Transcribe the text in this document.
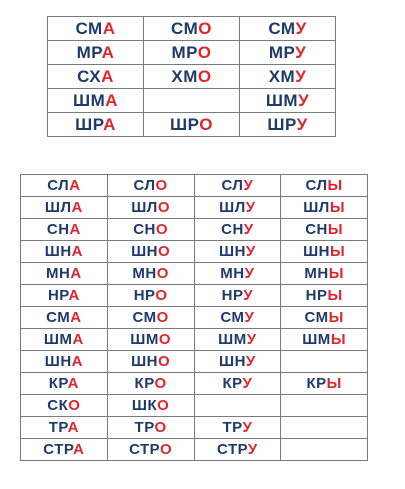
СМА	СМО	СМУ
МРА	МРО	МРУ
СХА	ХМО	ХМУ
ШМА		ШМУ
ШРА	ШРО	ШРУ
СЛА	СЛО	СЛУ	СЛЫ
ШЛА	ШЛО	ШЛУ	ШЛЫ
СНА	СНО	СНУ	СНЫ
ШНА	ШНО	ШНУ	ШНЫ
МНА	МНО	МНУ	МНЫ
НРА	НРО	НРУ	НРЫ
СМА	СМО	СМУ	СМЫ
ШМА	ШМО	ШМУ	ШМЫ
ШНА	ШНО	ШНУ	
КРА	КРО	КРУ	КРЫ
СКО	ШКО		
ТРА	ТРО	ТРУ	
СТРА	СТРО	СТРУ	
